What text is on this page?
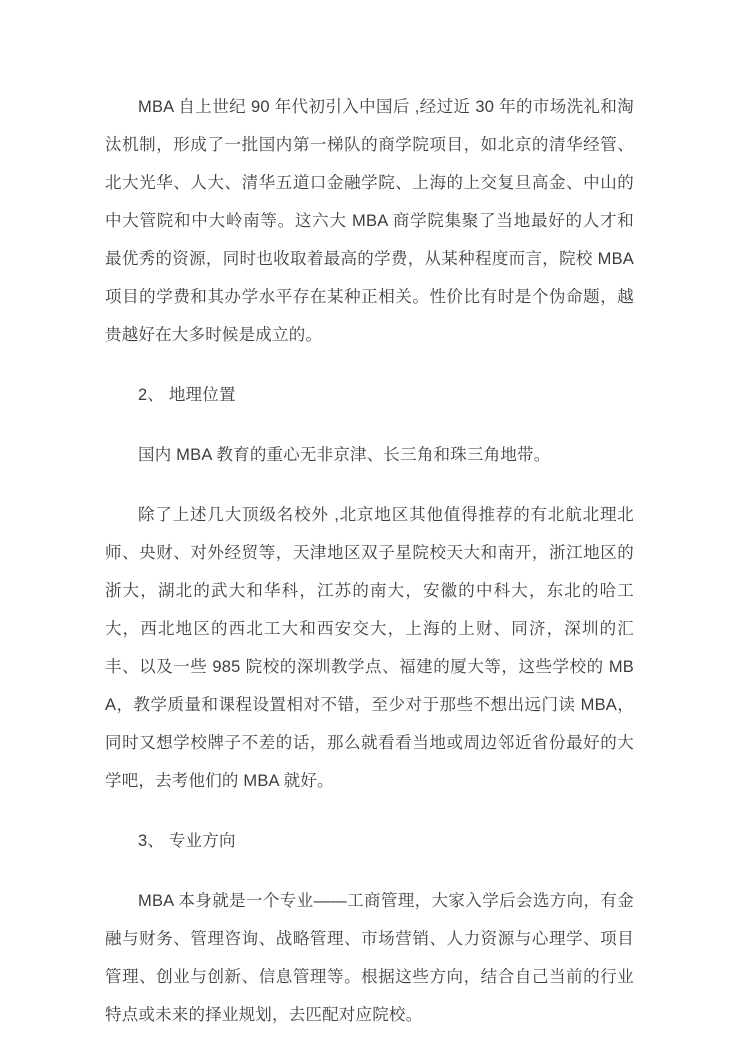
MBA 自上世纪 90 年代初引入中国后 ,经过近 30 年的市场洗礼和淘汰机制，形成了一批国内第一梯队的商学院项目，如北京的清华经管、北大光华、人大、清华五道口金融学院、上海的上交复旦高金、中山的中大管院和中大岭南等。这六大 MBA 商学院集聚了当地最好的人才和最优秀的资源，同时也收取着最高的学费，从某种程度而言，院校 MBA 项目的学费和其办学水平存在某种正相关。性价比有时是个伪命题，越贵越好在大多时候是成立的。

2、 地理位置

国内 MBA 教育的重心无非京津、长三角和珠三角地带。

除了上述几大顶级名校外 ,北京地区其他值得推荐的有北航北理北师、央财、对外经贸等，天津地区双子星院校天大和南开，浙江地区的浙大，湖北的武大和华科，江苏的南大，安徽的中科大，东北的哈工大，西北地区的西北工大和西安交大，上海的上财、同济，深圳的汇丰、以及一些 985 院校的深圳教学点、福建的厦大等，这些学校的 MBA，教学质量和课程设置相对不错，至少对于那些不想出远门读 MBA，同时又想学校牌子不差的话，那么就看看当地或周边邻近省份最好的大学吧，去考他们的 MBA 就好。

3、 专业方向

MBA 本身就是一个专业——工商管理，大家入学后会选方向，有金融与财务、管理咨询、战略管理、市场营销、人力资源与心理学、项目管理、创业与创新、信息管理等。根据这些方向，结合自己当前的行业特点或未来的择业规划，去匹配对应院校。
